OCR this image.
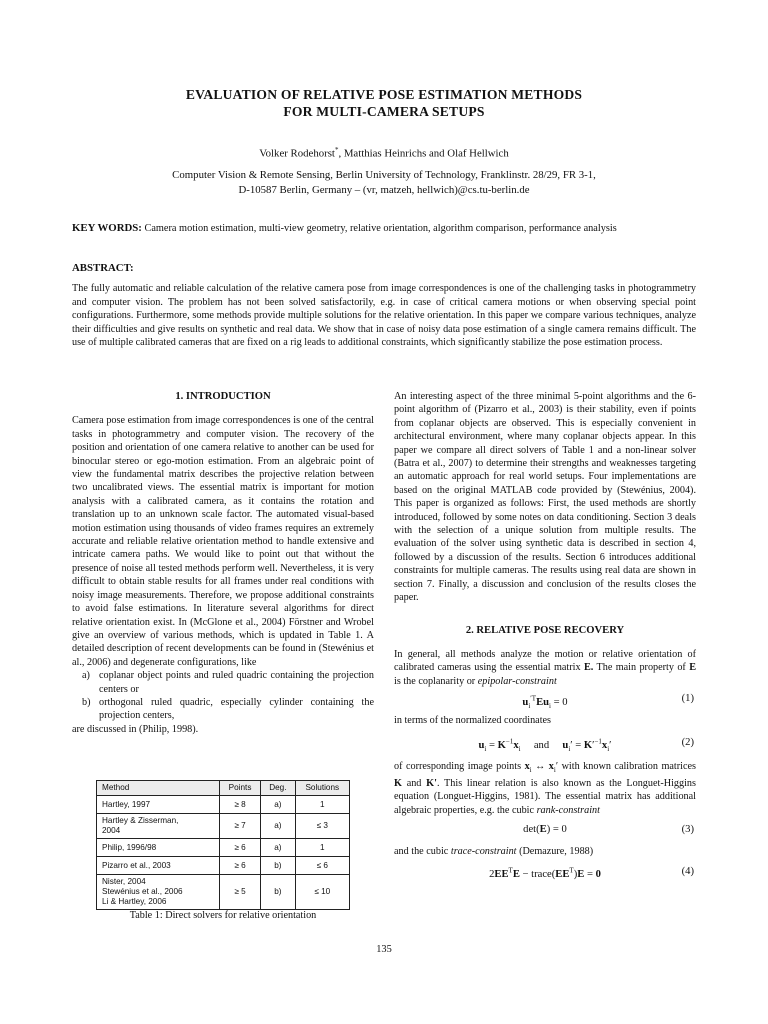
EVALUATION OF RELATIVE POSE ESTIMATION METHODS
FOR MULTI-CAMERA SETUPS
Volker Rodehorst*, Matthias Heinrichs and Olaf Hellwich
Computer Vision & Remote Sensing, Berlin University of Technology, Franklinstr. 28/29, FR 3-1,
D-10587 Berlin, Germany – (vr, matzeh, hellwich)@cs.tu-berlin.de
KEY WORDS: Camera motion estimation, multi-view geometry, relative orientation, algorithm comparison, performance analysis
ABSTRACT:
The fully automatic and reliable calculation of the relative camera pose from image correspondences is one of the challenging tasks in photogrammetry and computer vision. The problem has not been solved satisfactorily, e.g. in case of critical camera motions or when observing special point configurations. Furthermore, some methods provide multiple solutions for the relative orientation. In this paper we compare various techniques, analyze their difficulties and give results on synthetic and real data. We show that in case of noisy data pose estimation of a single camera remains difficult. The use of multiple calibrated cameras that are fixed on a rig leads to additional constraints, which significantly stabilize the pose estimation process.
1. INTRODUCTION

Camera pose estimation from image correspondences is one of the central tasks in photogrammetry and computer vision. The recovery of the position and orientation of one camera relative to another can be used for binocular stereo or ego-motion estimation. From an algebraic point of view the fundamental matrix describes the projective relation between two uncalibrated views. The essential matrix is important for motion analysis with a calibrated camera, as it contains the rotation and translation up to an unknown scale factor. The automated visual-based motion estimation using thousands of video frames requires an extremely accurate and reliable relative orientation method to handle extensive and intricate camera paths. We would like to point out that without the presence of noise all tested methods perform well. Nevertheless, it is very difficult to obtain stable results for all frames under real conditions with noisy image measurements. Therefore, we propose additional constraints to avoid false estimations. In literature several algorithms for direct relative orientation exist. In (McGlone et al., 2004) Förstner and Wrobel give an overview of various methods, which is updated in Table 1. A detailed description of recent developments can be found in (Stewénius et al., 2006) and degenerate configurations, like

a) coplanar object points and ruled quadric containing the projection centers or
b) orthogonal ruled quadric, especially cylinder containing the projection centers,

are discussed in (Philip, 1998).

Method	Points	Deg.	Solutions
Hartley, 1997	≥ 8	a)	1

Hartley & Zisserman,
2004	≥ 7	a)	≤ 3
Philip, 1996/98	≥ 6	a)	1
Pizarro et al., 2003	≥ 6	b)	≤ 6

Nister, 2004
Stewénius et al., 2006
Li & Hartley, 2006	≥ 5	b)	≤ 10
Table 1: Direct solvers for relative orientation

An interesting aspect of the three minimal 5-point algorithms and the 6-point algorithm of (Pizarro et al., 2003) is their stability, even if points from coplanar objects are observed. This is especially convenient in architectural environment, where many coplanar objects appear. In this paper we compare all direct solvers of Table 1 and a non-linear solver (Batra et al., 2007) to determine their strengths and weaknesses targeting an automatic approach for real world setups. Four implementations are based on the original MATLAB code provided by (Stewénius, 2004). This paper is organized as follows: First, the used methods are shortly introduced, followed by some notes on data conditioning. Section 3 deals with the selection of a unique solution from multiple results. The evaluation of the solver using synthetic data is described in section 4, followed by a discussion of the results. Section 6 introduces additional constraints for multiple cameras. The results using real data are shown in section 7. Finally, a discussion and conclusion of the results closes the paper.

2. RELATIVE POSE RECOVERY

In general, all methods analyze the motion or relative orientation of calibrated cameras using the essential matrix E. The main property of E is the coplanarity or epipolar-constraint

$u_i^{'T}Eu_i = 0$	(1)

in terms of the normalized coordinates

$u_i = K^{-1}x_i$ and $u_i' = K'^{-1}x_i'$	(2)

of corresponding image points $x_i$ ↔ $x_i'$ with known calibration matrices K and K'. This linear relation is also known as the Longuet-Higgins equation (Longuet-Higgins, 1981). The essential matrix has additional algebraic properties, e.g. the cubic rank-constraint

det(E) = 0	(3)

and the cubic trace-constraint (Demazure, 1988)

$2EE^TE$ − $trace(EE^T)E = 0$	(4)
135
